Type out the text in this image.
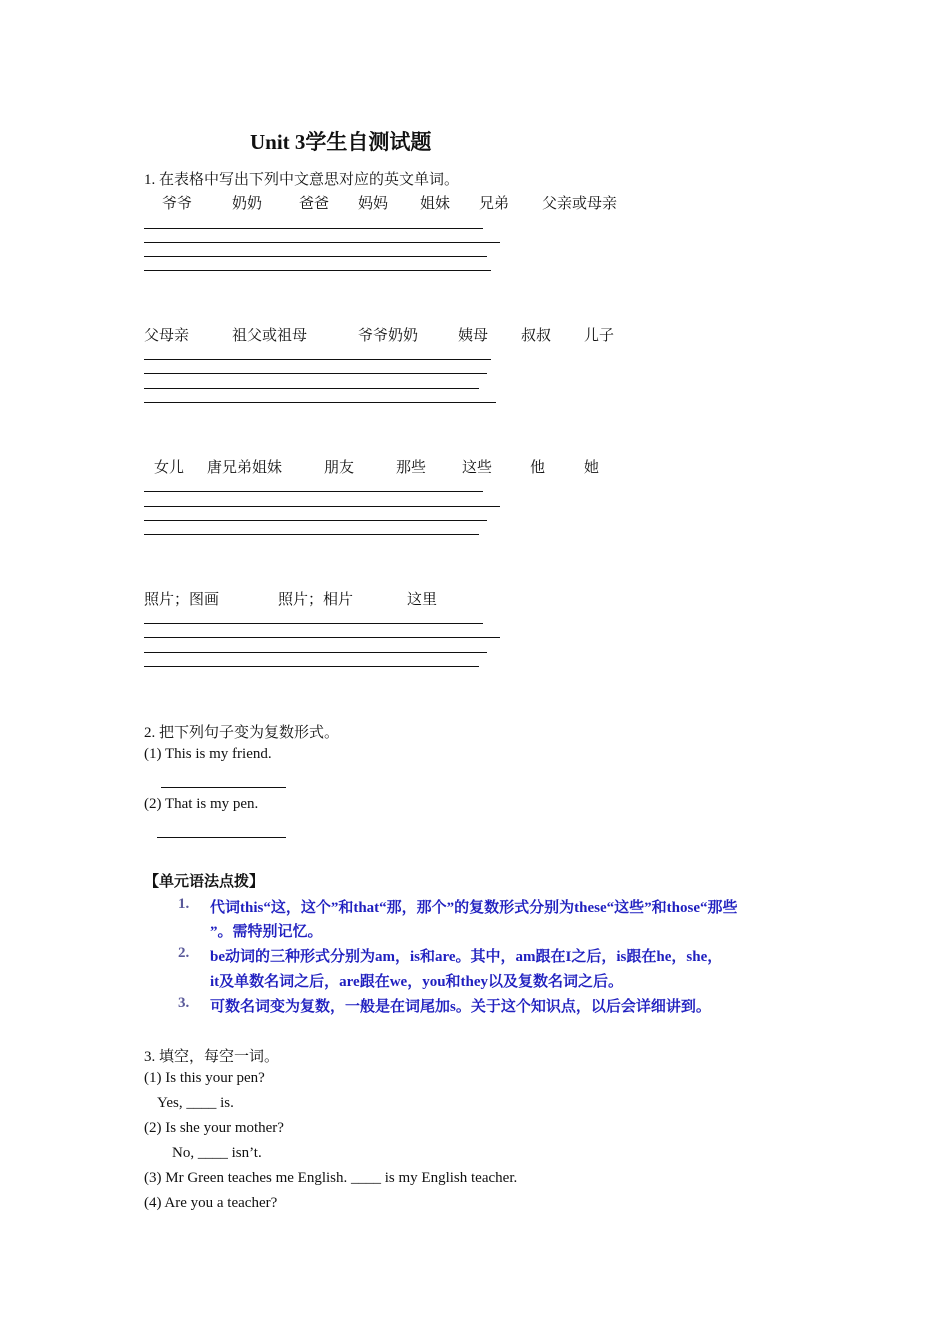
Unit 3学生自测试题
1. 在表格中写出下列中文意思对应的英文单词。
爷爷	奶奶 爸爸 妈妈 姐妹 兄弟 父亲或母亲
父母亲	祖父或祖母	爷爷奶奶	姨母 叔叔 儿子
女儿 唐兄弟姐妹	朋友	那些 这些	他	她
照片；图画	照片；相片	这里
2. 把下列句子变为复数形式。
(1) This is my friend.
(2) That is my pen.
【单元语法点拨】
1. 代词this“这，这个”和that“那，那个”的复数形式分别为these“这些”和those“那些
”。需特别记忆。
2. be动词的三种形式分别为am，is和are。其中，am跟在I之后，is跟在he，she，
it及单数名词之后，are跟在we，you和they以及复数名词之后。
3. 可数名词变为复数，一般是在词尾加s。关于这个知识点，以后会详细讲到。
3. 填空，每空一词。
(1) Is this your pen?
Yes, ____ is.
(2) Is she your mother?
No, ____ isn’t.
(3) Mr Green teaches me English. ____ is my English teacher.
(4) Are you a teacher?
